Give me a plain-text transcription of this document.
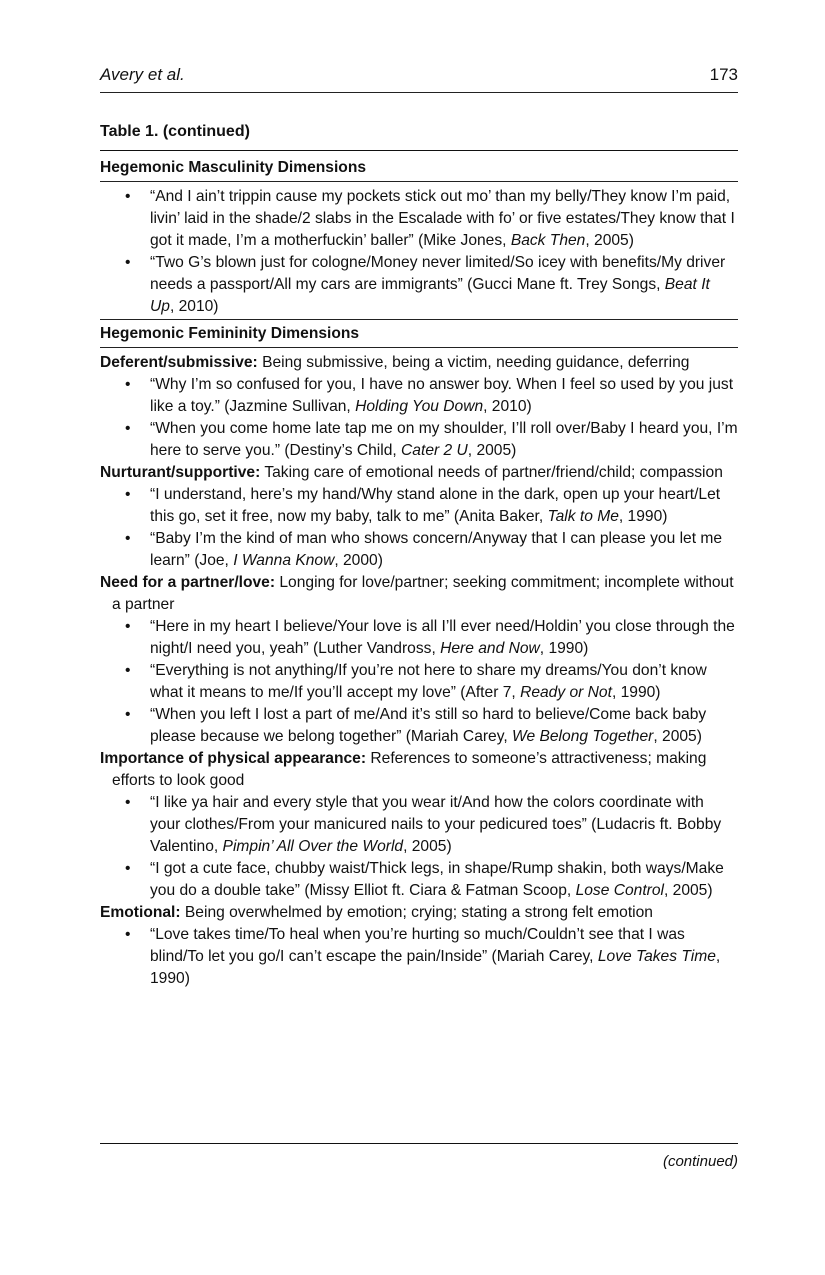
Avery et al.	173
Table 1. (continued)
Hegemonic Masculinity Dimensions
• “And I ain’t trippin cause my pockets stick out mo’ than my belly/They know I’m paid, livin’ laid in the shade/2 slabs in the Escalade with fo’ or five estates/They know that I got it made, I’m a motherfuckin’ baller” (Mike Jones, Back Then, 2005)
• “Two G’s blown just for cologne/Money never limited/So icey with benefits/My driver needs a passport/All my cars are immigrants” (Gucci Mane ft. Trey Songs, Beat It Up, 2010)
Hegemonic Femininity Dimensions
Deferent/submissive: Being submissive, being a victim, needing guidance, deferring
• “Why I’m so confused for you, I have no answer boy. When I feel so used by you just like a toy.” (Jazmine Sullivan, Holding You Down, 2010)
• “When you come home late tap me on my shoulder, I’ll roll over/Baby I heard you, I’m here to serve you.” (Destiny’s Child, Cater 2 U, 2005)
Nurturant/supportive: Taking care of emotional needs of partner/friend/child; compassion
• “I understand, here’s my hand/Why stand alone in the dark, open up your heart/Let this go, set it free, now my baby, talk to me” (Anita Baker, Talk to Me, 1990)
• “Baby I’m the kind of man who shows concern/Anyway that I can please you let me learn” (Joe, I Wanna Know, 2000)
Need for a partner/love: Longing for love/partner; seeking commitment; incomplete without a partner
• “Here in my heart I believe/Your love is all I’ll ever need/Holdin’ you close through the night/I need you, yeah” (Luther Vandross, Here and Now, 1990)
• “Everything is not anything/If you’re not here to share my dreams/You don’t know what it means to me/If you’ll accept my love” (After 7, Ready or Not, 1990)
• “When you left I lost a part of me/And it’s still so hard to believe/Come back baby please because we belong together” (Mariah Carey, We Belong Together, 2005)
Importance of physical appearance: References to someone’s attractiveness; making efforts to look good
• “I like ya hair and every style that you wear it/And how the colors coordinate with your clothes/From your manicured nails to your pedicured toes” (Ludacris ft. Bobby Valentino, Pimpin’ All Over the World, 2005)
• “I got a cute face, chubby waist/Thick legs, in shape/Rump shakin, both ways/Make you do a double take” (Missy Elliot ft. Ciara & Fatman Scoop, Lose Control, 2005)
Emotional: Being overwhelmed by emotion; crying; stating a strong felt emotion
• “Love takes time/To heal when you’re hurting so much/Couldn’t see that I was blind/To let you go/I can’t escape the pain/Inside” (Mariah Carey, Love Takes Time, 1990)
(continued)
